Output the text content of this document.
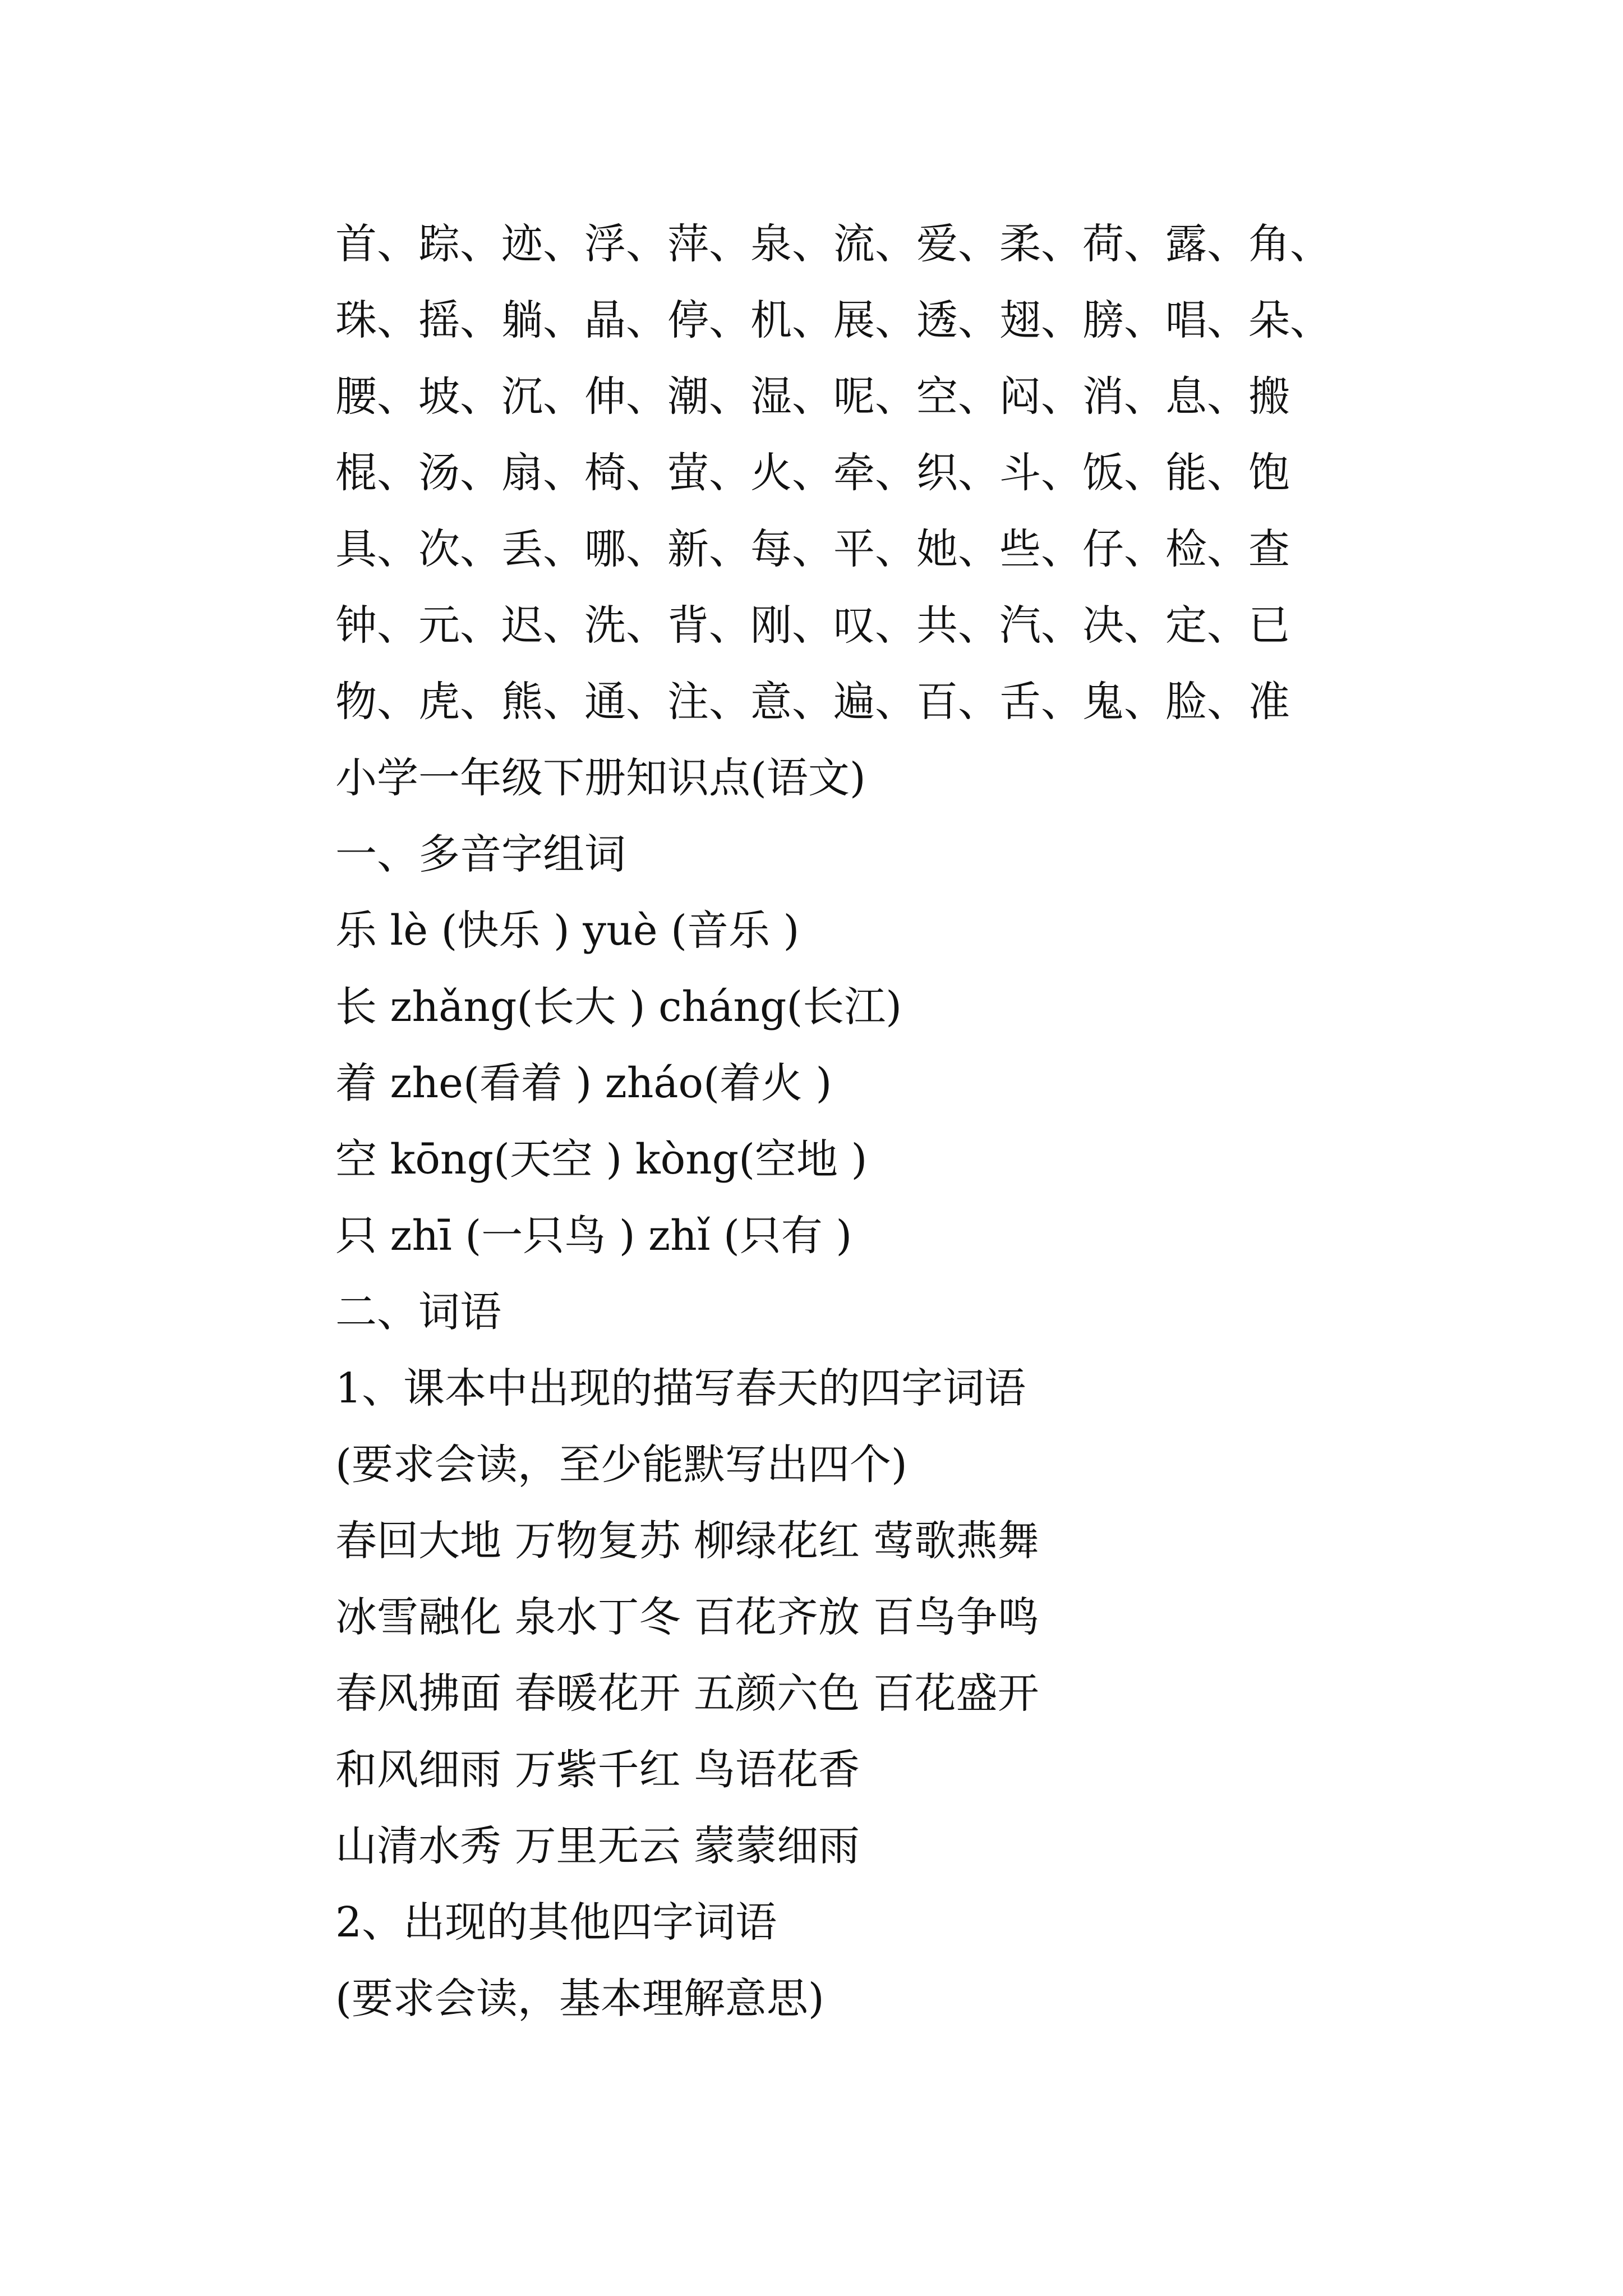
首、踪、迹、浮、萍、泉、流、爱、柔、荷、露、角、
珠、摇、躺、晶、停、机、展、透、翅、膀、唱、朵、
腰、坡、沉、伸、潮、湿、呢、空、闷、消、息、搬
棍、汤、扇、椅、萤、火、牵、织、斗、饭、能、饱
具、次、丢、哪、新、每、平、她、些、仔、检、查
钟、元、迟、洗、背、刚、叹、共、汽、决、定、已
物、虎、熊、通、注、意、遍、百、舌、鬼、脸、准
小学一年级下册知识点(语文)
一、多音字组词
乐 lè (快乐 ) yuè (音乐 )
长 zhǎng(长大 ) cháng(长江)
着 zhe(看着 ) zháo(着火 )
空 kōng(天空 ) kòng(空地 )
只 zhī (一只鸟 ) zhǐ (只有 )
二、词语
1、课本中出现的描写春天的四字词语
(要求会读，至少能默写出四个)
春回大地 万物复苏 柳绿花红 莺歌燕舞
冰雪融化 泉水丁冬 百花齐放 百鸟争鸣
春风拂面 春暖花开 五颜六色 百花盛开
和风细雨 万紫千红 鸟语花香
山清水秀 万里无云 蒙蒙细雨
2、出现的其他四字词语
(要求会读，基本理解意思)
